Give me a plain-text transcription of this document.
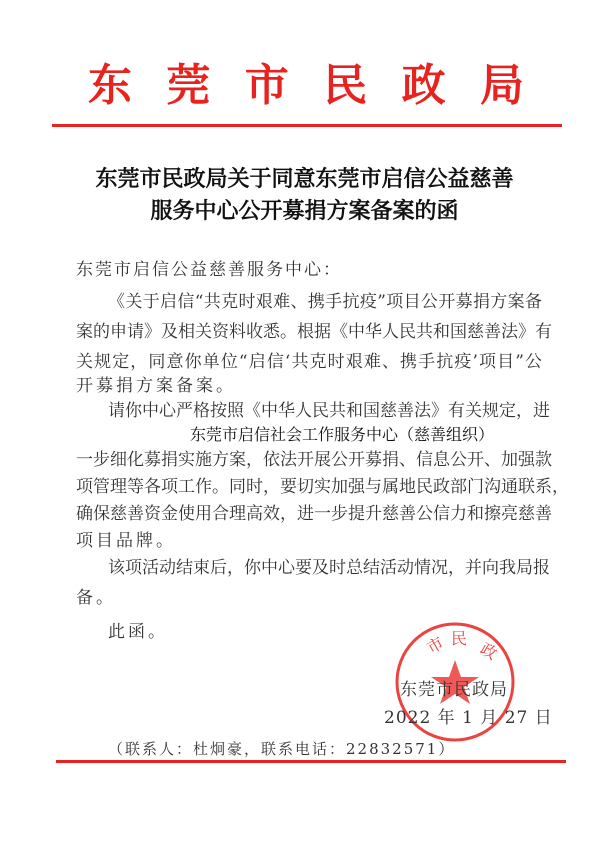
东莞市民政局
东莞市民政局关于同意东莞市启信公益慈善
服务中心公开募捐方案备案的函
东莞市启信公益慈善服务中心：
《关于启信“共克时艰难、携手抗疫”项目公开募捐方案备
案的申请》及相关资料收悉。根据《中华人民共和国慈善法》有
关规定，同意你单位“启信‘共克时艰难、携手抗疫’项目”公
开募捐方案备案。
请你中心严格按照《中华人民共和国慈善法》有关规定，进
东莞市启信社会工作服务中心（慈善组织）
一步细化募捐实施方案，依法开展公开募捐、信息公开、加强款
项管理等各项工作。同时，要切实加强与属地民政部门沟通联系，
确保慈善资金使用合理高效，进一步提升慈善公信力和擦亮慈善
项目品牌。
该项活动结束后，你中心要及时总结活动情况，并向我局报
备。
此函。
市 民
政
东莞市民政局
2022 年 1 月 27 日
（联系人：杜炯豪，联系电话：22832571）
